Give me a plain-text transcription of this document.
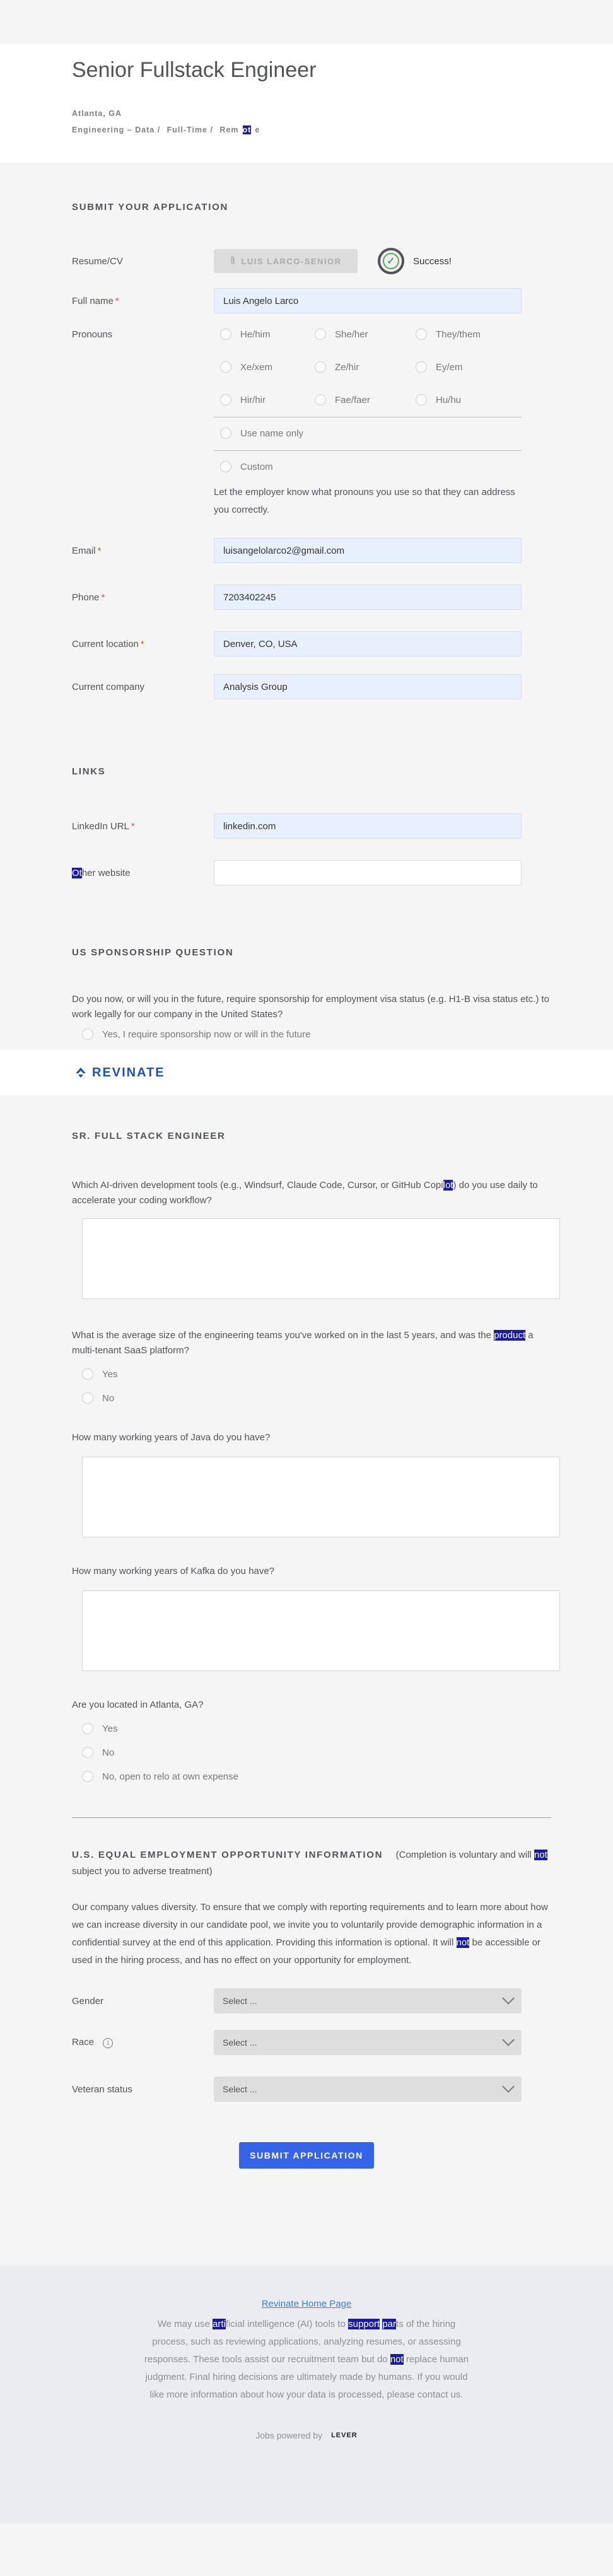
Senior Fullstack Engineer
Atlanta, GA
Engineering – Data / Full-Time / Rem ot e
SUBMIT YOUR APPLICATION
Resume/CV	LUIS LARCO-SENIOR	✓	Success!
Full name *	Luis Angelo Larco
Pronouns	He/him	She/her	They/them
Xe/xem	Ze/hir	Ey/em
Hir/hir	Fae/faer	Hu/hu
Use name only
Custom
Let the employer know what pronouns you use so that they can address you correctly.
Email *	luisangelolarco2@gmail.com
Phone *	7203402245
Current location *	Denver, CO, USA
Current company	Analysis Group
LINKS
LinkedIn URL *	linkedin.com
Other website
US SPONSORSHIP QUESTION
Do you now, or will you in the future, require sponsorship for employment visa status (e.g. H1-B visa status etc.) to work legally for our company in the United States?
Yes, I require sponsorship now or will in the future
REVINATE
SR. FULL STACK ENGINEER
Which AI-driven development tools (e.g., Windsurf, Claude Code, Cursor, or GitHub Copilot) do you use daily to accelerate your coding workflow?
What is the average size of the engineering teams you've worked on in the last 5 years, and was the product a multi-tenant SaaS platform?
Yes
No
How many working years of Java do you have?
How many working years of Kafka do you have?
Are you located in Atlanta, GA?
Yes
No
No, open to relo at own expense
U.S. EQUAL EMPLOYMENT OPPORTUNITY INFORMATION (Completion is voluntary and will not subject you to adverse treatment)
Our company values diversity. To ensure that we comply with reporting requirements and to learn more about how we can increase diversity in our candidate pool, we invite you to voluntarily provide demographic information in a confidential survey at the end of this application. Providing this information is optional. It will not be accessible or used in the hiring process, and has no effect on your opportunity for employment.
Gender	Select ...
Race i	Select ...
Veteran status	Select ...
SUBMIT APPLICATION
Revinate Home Page
We may use artificial intelligence (AI) tools to support parts of the hiring process, such as reviewing applications, analyzing resumes, or assessing responses. These tools assist our recruitment team but do not replace human judgment. Final hiring decisions are ultimately made by humans. If you would like more information about how your data is processed, please contact us.
Jobs powered by LEVER
